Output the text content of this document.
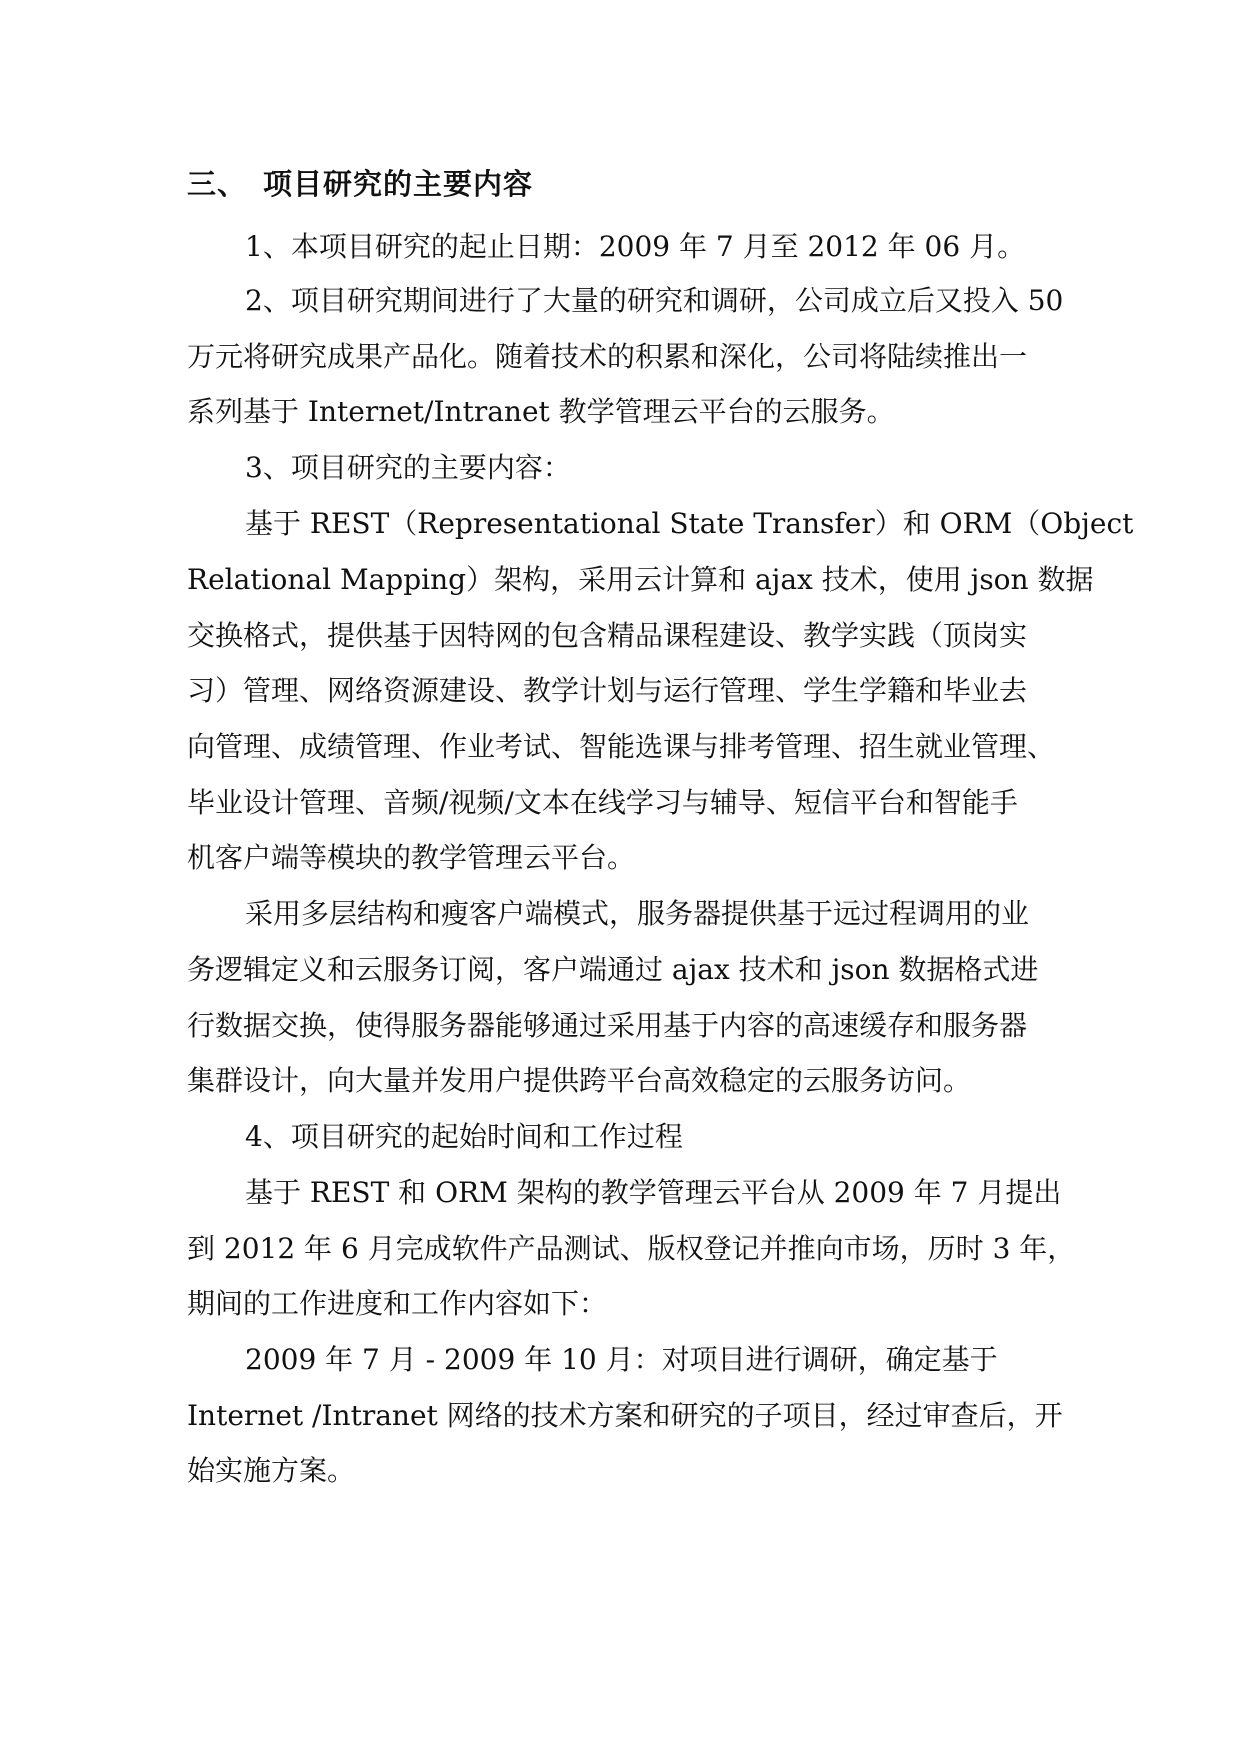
三、 项目研究的主要内容
1、本项目研究的起止日期：2009 年 7 月至 2012 年 06 月。
2、项目研究期间进行了大量的研究和调研，公司成立后又投入 50
万元将研究成果产品化。随着技术的积累和深化，公司将陆续推出一
系列基于 Internet/Intranet 教学管理云平台的云服务。
3、项目研究的主要内容：
基于 REST（Representational State Transfer）和 ORM（Object
Relational Mapping）架构，采用云计算和 ajax 技术，使用 json 数据
交换格式，提供基于因特网的包含精品课程建设、教学实践（顶岗实
习）管理、网络资源建设、教学计划与运行管理、学生学籍和毕业去
向管理、成绩管理、作业考试、智能选课与排考管理、招生就业管理、
毕业设计管理、音频/视频/文本在线学习与辅导、短信平台和智能手
机客户端等模块的教学管理云平台。
采用多层结构和瘦客户端模式，服务器提供基于远过程调用的业
务逻辑定义和云服务订阅，客户端通过 ajax 技术和 json 数据格式进
行数据交换，使得服务器能够通过采用基于内容的高速缓存和服务器
集群设计，向大量并发用户提供跨平台高效稳定的云服务访问。
4、项目研究的起始时间和工作过程
基于 REST 和 ORM 架构的教学管理云平台从 2009 年 7 月提出
到 2012 年 6 月完成软件产品测试、版权登记并推向市场，历时 3 年，
期间的工作进度和工作内容如下：
2009 年 7 月 - 2009 年 10 月：对项目进行调研，确定基于
Internet /Intranet 网络的技术方案和研究的子项目，经过审查后，开
始实施方案。
